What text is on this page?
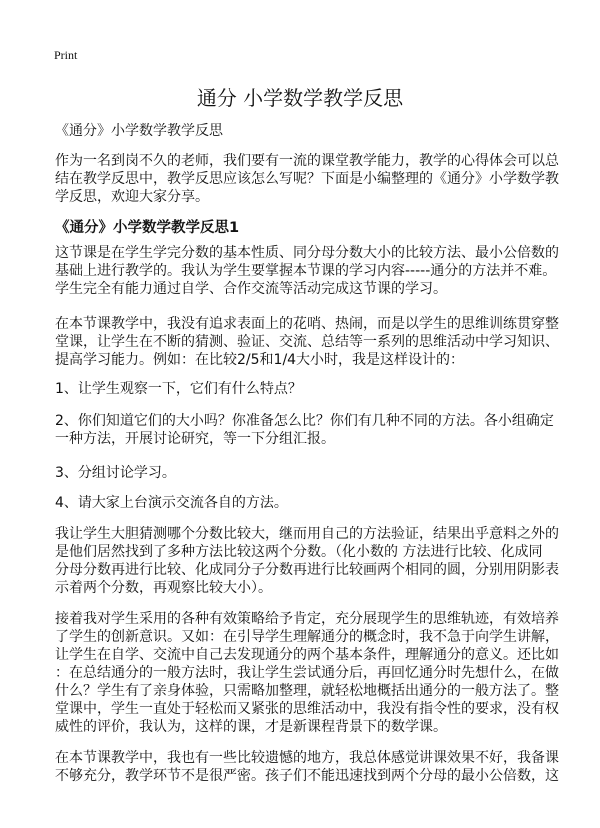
Print
通分 小学数学教学反思
《通分》小学数学教学反思
《通分》小学数学教学反思1
作为一名到岗不久的老师，我们要有一流的课堂教学能力，教学的心得体会可以总
结在教学反思中，教学反思应该怎么写呢？下面是小编整理的《通分》小学数学教
学反思，欢迎大家分享。
这节课是在学生学完分数的基本性质、同分母分数大小的比较方法、最小公倍数的
基础上进行教学的。我认为学生要掌握本节课的学习内容-----通分的方法并不难。
学生完全有能力通过自学、合作交流等活动完成这节课的学习。
在本节课教学中，我没有追求表面上的花哨、热闹，而是以学生的思维训练贯穿整
堂课，让学生在不断的猜测、验证、交流、总结等一系列的思维活动中学习知识、
提高学习能力。例如：在比较2/5和1/4大小时，我是这样设计的：
1、让学生观察一下，它们有什么特点？
2、你们知道它们的大小吗？你准备怎么比？你们有几种不同的方法。各小组确定
一种方法，开展讨论研究，等一下分组汇报。
3、分组讨论学习。
4、请大家上台演示交流各自的方法。
我让学生大胆猜测哪个分数比较大，继而用自己的方法验证，结果出乎意料之外的
是他们居然找到了多种方法比较这两个分数。（化小数的 方法进行比较、化成同
分母分数再进行比较、化成同分子分数再进行比较画两个相同的圆，分别用阴影表
示着两个分数，再观察比较大小）。
接着我对学生采用的各种有效策略给予肯定，充分展现学生的思维轨迹，有效培养
了学生的创新意识。又如：在引导学生理解通分的概念时，我不急于向学生讲解，
让学生在自学、交流中自己去发现通分的两个基本条件，理解通分的意义。还比如
：在总结通分的一般方法时，我让学生尝试通分后，再回忆通分时先想什么，在做
什么？学生有了亲身体验，只需略加整理，就轻松地概括出通分的一般方法了。整
堂课中，学生一直处于轻松而又紧张的思维活动中，我没有指令性的要求，没有权
威性的评价，我认为，这样的课，才是新课程背景下的数学课。
在本节课教学中，我也有一些比较遗憾的地方，我总体感觉讲课效果不好，我备课
不够充分，教学环节不是很严密。孩子们不能迅速找到两个分母的最小公倍数，这
